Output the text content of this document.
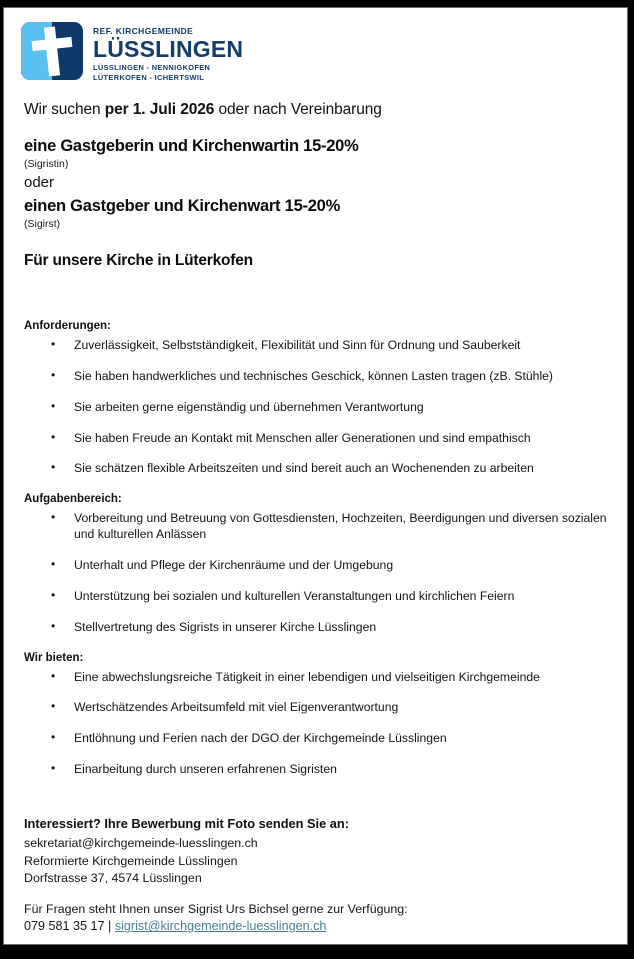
REF. KIRCHGEMEINDE
LÜSSLINGEN
LÜSSLINGEN - NENNIGKOFEN
LÜTERKOFEN - ICHERTSWIL

Wir suchen per 1. Juli 2026 oder nach Vereinbarung

eine Gastgeberin und Kirchenwartin 15-20%
(Sigristin)
oder
einen Gastgeber und Kirchenwart 15-20%
(Sigirst)
Für unsere Kirche in Lüterkofen
Anforderungen:
• Zuverlässigkeit, Selbstständigkeit, Flexibilität und Sinn für Ordnung und Sauberkeit
• Sie haben handwerkliches und technisches Geschick, können Lasten tragen (zB. Stühle)
• Sie arbeiten gerne eigenständig und übernehmen Verantwortung
• Sie haben Freude an Kontakt mit Menschen aller Generationen und sind empathisch
• Sie schätzen flexible Arbeitszeiten und sind bereit auch an Wochenenden zu arbeiten
Aufgabenbereich:
• Vorbereitung und Betreuung von Gottesdiensten, Hochzeiten, Beerdigungen und diversen sozialen und kulturellen Anlässen
• Unterhalt und Pflege der Kirchenräume und der Umgebung
• Unterstützung bei sozialen und kulturellen Veranstaltungen und kirchlichen Feiern
• Stellvertretung des Sigrists in unserer Kirche Lüsslingen
Wir bieten:
• Eine abwechslungsreiche Tätigkeit in einer lebendigen und vielseitigen Kirchgemeinde
• Wertschätzendes Arbeitsumfeld mit viel Eigenverantwortung
• Entlöhnung und Ferien nach der DGO der Kirchgemeinde Lüsslingen
• Einarbeitung durch unseren erfahrenen Sigristen
Interessiert? Ihre Bewerbung mit Foto senden Sie an:
sekretariat@kirchgemeinde-luesslingen.ch
Reformierte Kirchgemeinde Lüsslingen
Dorfstrasse 37, 4574 Lüsslingen
Für Fragen steht Ihnen unser Sigrist Urs Bichsel gerne zur Verfügung:
079 581 35 17 | sigrist@kirchgemeinde-luesslingen.ch
